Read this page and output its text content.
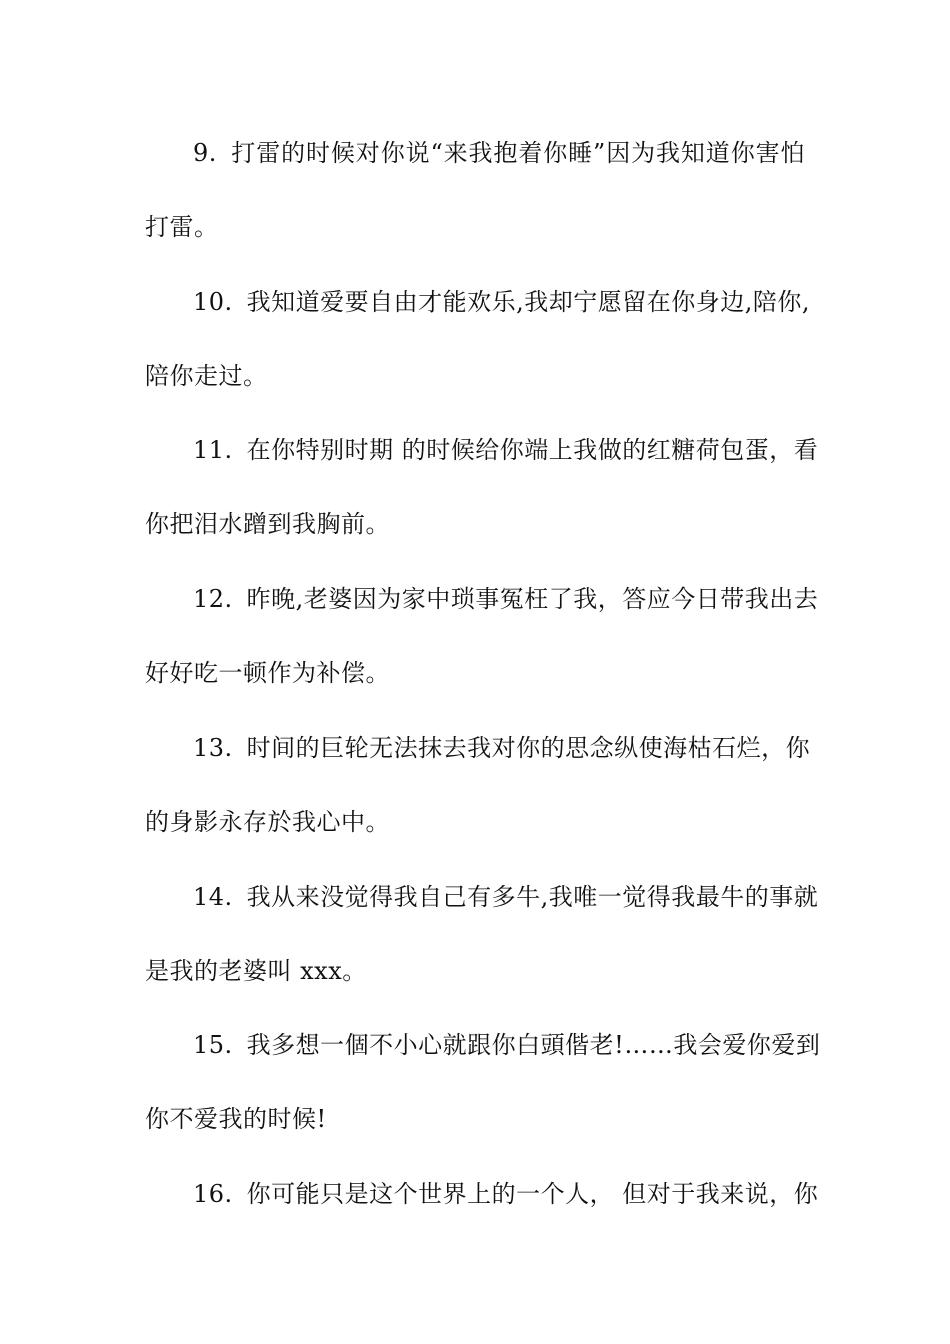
9. 打雷的时候对你说“来我抱着你睡”因为我知道你害怕
打雷。
10. 我知道爱要自由才能欢乐,我却宁愿留在你身边,陪你,
陪你走过。
11. 在你特别时期 的时候给你端上我做的红糖荷包蛋，看
你把泪水蹭到我胸前。
12. 昨晚,老婆因为家中琐事冤枉了我，答应今日带我出去
好好吃一顿作为补偿。
13. 时间的巨轮无法抹去我对你的思念纵使海枯石烂，你
的身影永存於我心中。
14. 我从来没觉得我自己有多牛,我唯一觉得我最牛的事就
是我的老婆叫 xxx。
15. 我多想一個不小心就跟你白頭偕老!……我会爱你爱到
你不爱我的时候!
16. 你可能只是这个世界上的一个人， 但对于我来说，你
